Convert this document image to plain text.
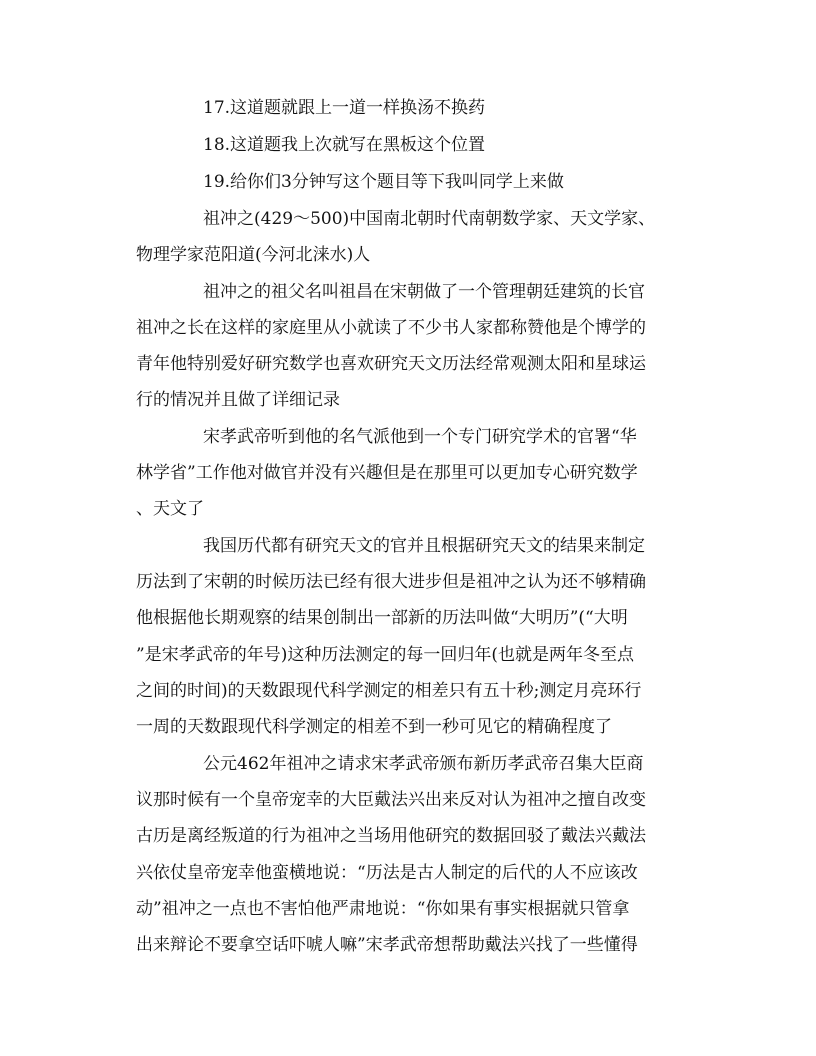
17.这道题就跟上一道一样换汤不换药
18.这道题我上次就写在黑板这个位置
19.给你们3分钟写这个题目等下我叫同学上来做
祖冲之(429～500)中国南北朝时代南朝数学家、天文学家、
物理学家范阳道(今河北涞水)人
祖冲之的祖父名叫祖昌在宋朝做了一个管理朝廷建筑的长官
祖冲之长在这样的家庭里从小就读了不少书人家都称赞他是个博学的
青年他特别爱好研究数学也喜欢研究天文历法经常观测太阳和星球运
行的情况并且做了详细记录
宋孝武帝听到他的名气派他到一个专门研究学术的官署“华
林学省”工作他对做官并没有兴趣但是在那里可以更加专心研究数学
、天文了
我国历代都有研究天文的官并且根据研究天文的结果来制定
历法到了宋朝的时候历法已经有很大进步但是祖冲之认为还不够精确
他根据他长期观察的结果创制出一部新的历法叫做“大明历”(“大明
”是宋孝武帝的年号)这种历法测定的每一回归年(也就是两年冬至点
之间的时间)的天数跟现代科学测定的相差只有五十秒;测定月亮环行
一周的天数跟现代科学测定的相差不到一秒可见它的精确程度了
公元462年祖冲之请求宋孝武帝颁布新历孝武帝召集大臣商
议那时候有一个皇帝宠幸的大臣戴法兴出来反对认为祖冲之擅自改变
古历是离经叛道的行为祖冲之当场用他研究的数据回驳了戴法兴戴法
兴依仗皇帝宠幸他蛮横地说：“历法是古人制定的后代的人不应该改
动”祖冲之一点也不害怕他严肃地说：“你如果有事实根据就只管拿
出来辩论不要拿空话吓唬人嘛”宋孝武帝想帮助戴法兴找了一些懂得
